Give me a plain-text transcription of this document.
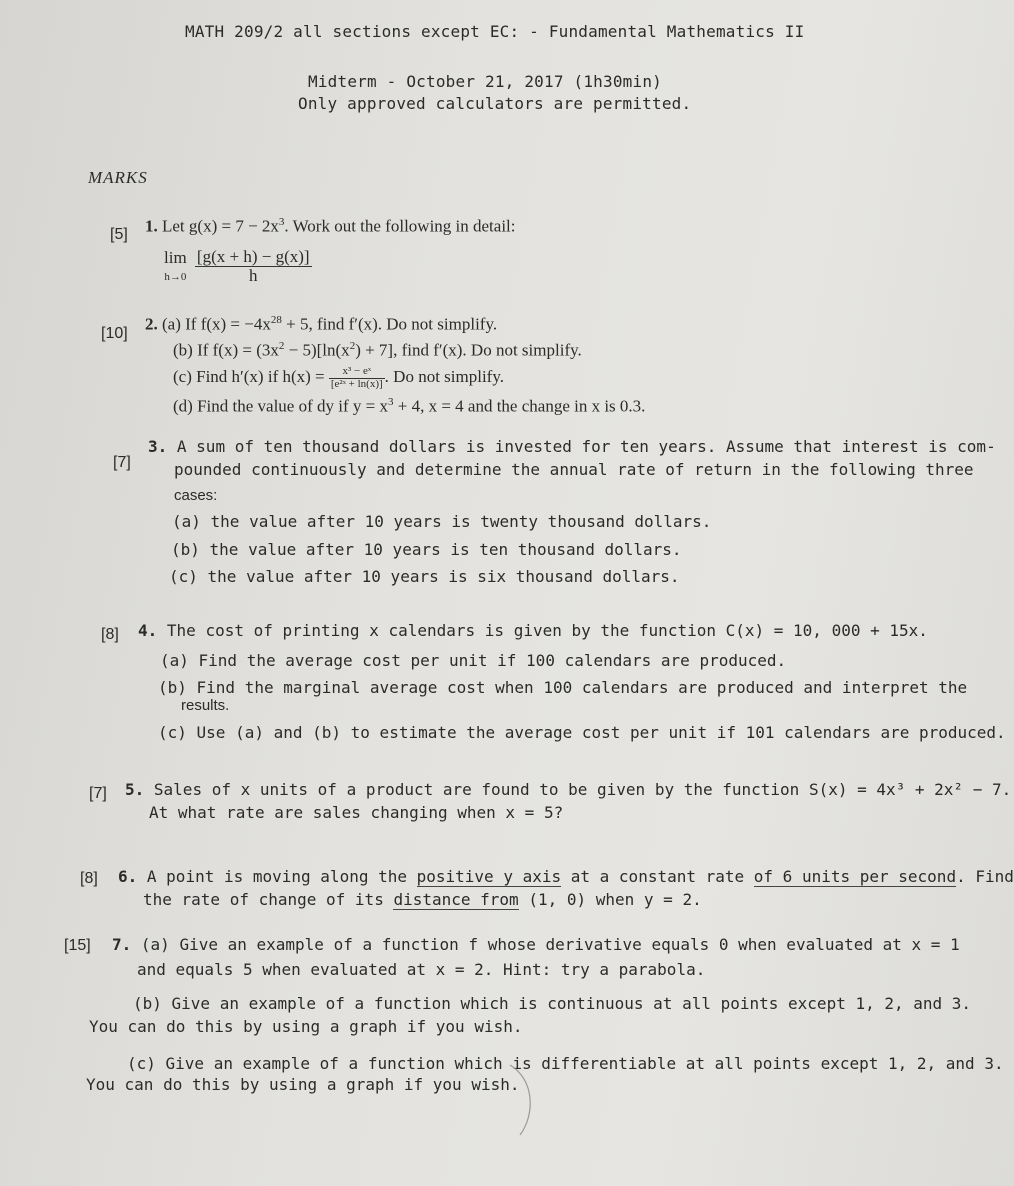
MATH 209/2 all sections except EC: - Fundamental Mathematics II
Midterm - October 21, 2017 (1h30min)
Only approved calculators are permitted.
MARKS
[5] 1. Let $g(x) = 7 - 2x^3$. Work out the following in detail:
lim
$h\to 0 \frac{[g(x + h) - g(x)]}{h}$
[10] 2. (a) If $f(x) = -4x^{28} + 5$, find f′(x). Do not simplify.
(b) If $f(x) = (3x^2 - 5)[\ln(x^2) + 7]$, find f′(x). Do not simplify.
(c) Find h′(x) if $h(x) = \frac{\text{x³ − eˣ}}{\text{[e²ˣ + ln(x)]}}$ . Do not simplify.
(d) Find the value of dy if $y = x^3 + 4$, x = 4 and the change in x is 0.3.
[7]
3. A sum of ten thousand dollars is invested for ten years. Assume that interest is com-
pounded continuously and determine the annual rate of return in the following three
cases:
(a) the value after 10 years is twenty thousand dollars.
(b) the value after 10 years is ten thousand dollars.
(c) the value after 10 years is six thousand dollars.
[8] 4. The cost of printing x calendars is given by the function C(x) = 10, 000 + 15x.
(a) Find the average cost per unit if 100 calendars are produced.
(b) Find the marginal average cost when 100 calendars are produced and interpret the
results.
(c) Use (a) and (b) to estimate the average cost per unit if 101 calendars are produced.
[7] 5. Sales of x units of a product are found to be given by the function S(x) = 4x³ + 2x² − 7.
At what rate are sales changing when x = 5?
[8] 6. A point is moving along the positive y axis at a constant rate of 6 units per second. Find
the rate of change of its distance from (1, 0) when y = 2.
[15] 7. (a) Give an example of a function f whose derivative equals 0 when evaluated at x = 1
and equals 5 when evaluated at x = 2. Hint: try a parabola.
(b) Give an example of a function which is continuous at all points except 1, 2, and 3.
You can do this by using a graph if you wish.
(c) Give an example of a function which is differentiable at all points except 1, 2, and 3.
You can do this by using a graph if you wish.
